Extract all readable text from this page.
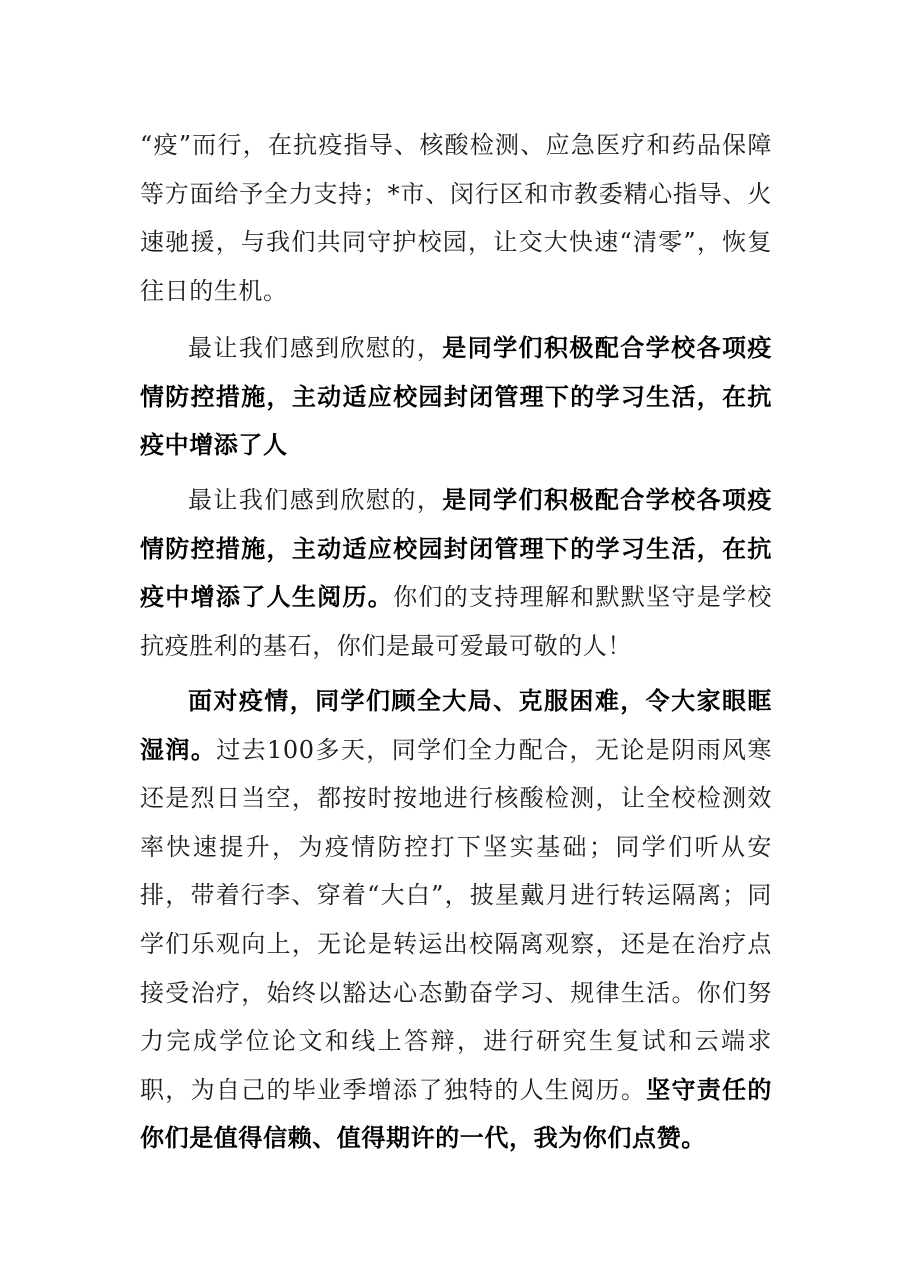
“疫”而行，在抗疫指导、核酸检测、应急医疗和药品保障等方面给予全力支持；*市、闵行区和市教委精心指导、火速驰援，与我们共同守护校园，让交大快速“清零”，恢复往日的生机。

最让我们感到欣慰的，是同学们积极配合学校各项疫情防控措施，主动适应校园封闭管理下的学习生活，在抗疫中增添了人

最让我们感到欣慰的，是同学们积极配合学校各项疫情防控措施，主动适应校园封闭管理下的学习生活，在抗疫中增添了人生阅历。你们的支持理解和默默坚守是学校抗疫胜利的基石，你们是最可爱最可敬的人！

面对疫情，同学们顾全大局、克服困难，令大家眼眶湿润。过去100多天，同学们全力配合，无论是阴雨风寒还是烈日当空，都按时按地进行核酸检测，让全校检测效率快速提升，为疫情防控打下坚实基础；同学们听从安排，带着行李、穿着“大白”，披星戴月进行转运隔离；同学们乐观向上，无论是转运出校隔离观察，还是在治疗点接受治疗，始终以豁达心态勤奋学习、规律生活。你们努力完成学位论文和线上答辩，进行研究生复试和云端求职，为自己的毕业季增添了独特的人生阅历。坚守责任的你们是值得信赖、值得期许的一代，我为你们点赞。
